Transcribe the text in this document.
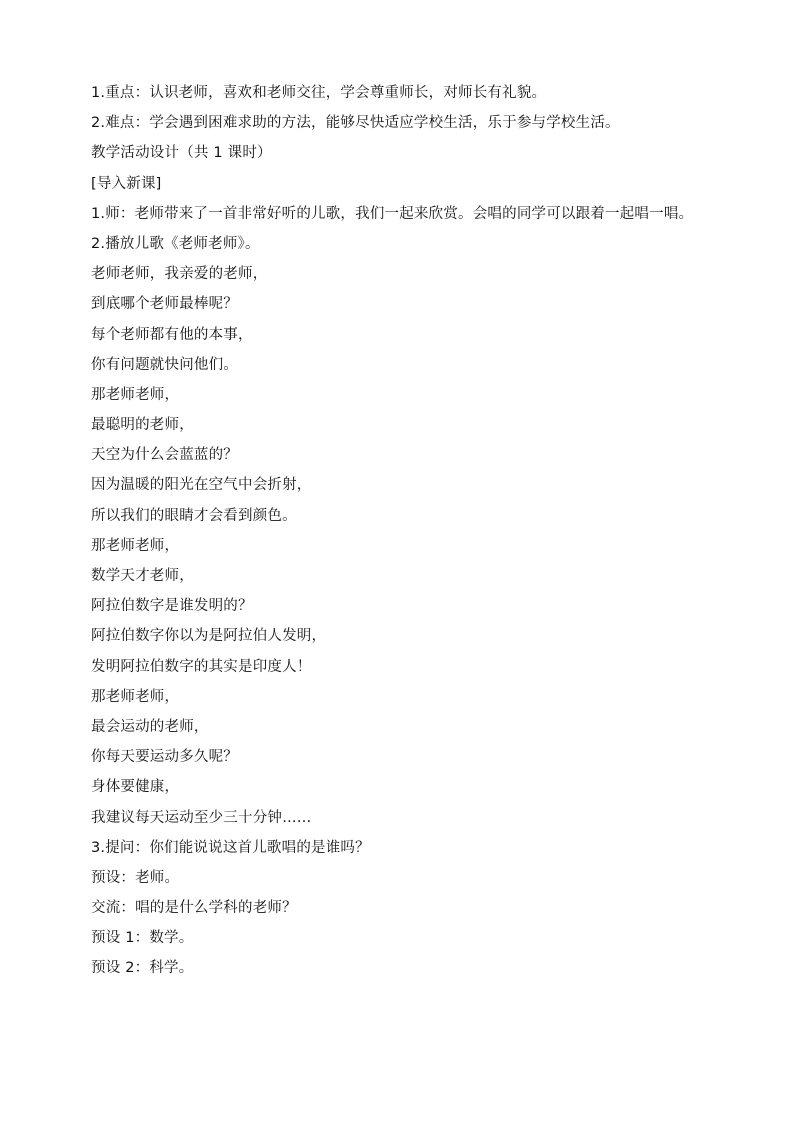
1.重点：认识老师，喜欢和老师交往，学会尊重师长，对师长有礼貌。
2.难点：学会遇到困难求助的方法，能够尽快适应学校生活，乐于参与学校生活。
教学活动设计（共 1 课时）
[导入新课]
1.师：老师带来了一首非常好听的儿歌，我们一起来欣赏。会唱的同学可以跟着一起唱一唱。
2.播放儿歌《老师老师》。
老师老师，我亲爱的老师，
到底哪个老师最棒呢？
每个老师都有他的本事，
你有问题就快问他们。
那老师老师，
最聪明的老师，
天空为什么会蓝蓝的？
因为温暖的阳光在空气中会折射，
所以我们的眼睛才会看到颜色。
那老师老师，
数学天才老师，
阿拉伯数字是谁发明的？
阿拉伯数字你以为是阿拉伯人发明，
发明阿拉伯数字的其实是印度人！
那老师老师，
最会运动的老师，
你每天要运动多久呢？
身体要健康，
我建议每天运动至少三十分钟……
3.提问：你们能说说这首儿歌唱的是谁吗？
预设：老师。
交流：唱的是什么学科的老师？
预设 1：数学。
预设 2：科学。
